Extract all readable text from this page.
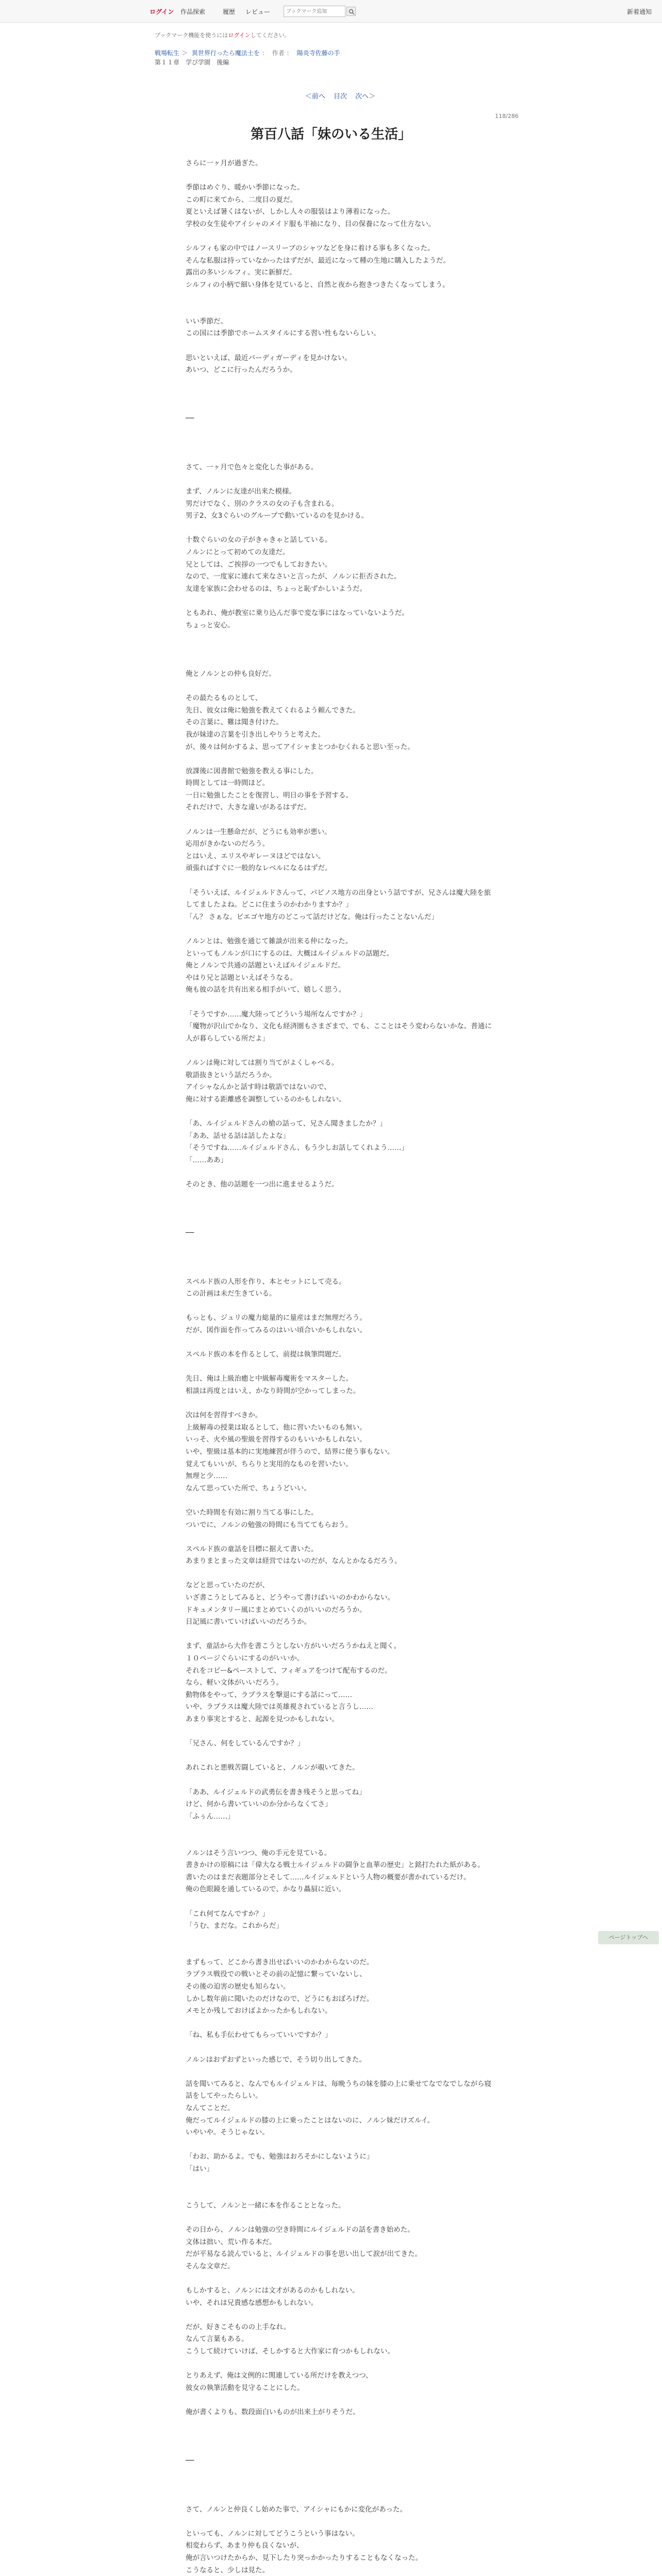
ログイン 作品探索	履歴 レビュー
ブックマーク追加	新着通知
ブックマーク機能を使うにはログインしてください。
戦場転生 ＞ 異世界行ったら魔法士を ： 作者 ： 陽炎寺佐藤の手
第１１章　学び学園　後編
＜前へ 目次 次へ＞
118/286
第百八話「妹のいる生活」

さらに一ヶ月が過ぎた。

季節はめぐり、暖かい季節になった。

この町に来てから、二度目の夏だ。

夏といえば暑くはないが、しかし人々の服装はより薄着になった。

学校の女生徒やアイシャのメイド服も半袖になり、目の保養になって仕方ない。

シルフィも家の中ではノースリーブのシャツなどを身に着ける事も多くなった。

そんな私服は持っていなかったはずだが、最近になって種の生地に購入したようだ。

露出の多いシルフィ。実に新鮮だ。

シルフィの小柄で細い身体を見ていると、自然と夜から抱きつきたくなってしまう。

いい季節だ。

この国には季節でホームスタイルにする習い性もないらしい。

思いといえば、最近バーディガーディを見かけない。

あいつ、どこに行ったんだろうか。

──

さて、一ヶ月で色々と変化した事がある。

まず、ノルンに友達が出来た模様。

男だけでなく、別のクラスの女の子も含まれる。

男子2、女3ぐらいのグループで動いているのを見かける。

十数ぐらいの女の子がきゃきゃと話している。

ノルンにとって初めての友達だ。

兄としては、ご挨拶の一つでもしておきたい。

なので、一度家に連れて来なさいと言ったが、ノルンに拒否された。

友達を家族に会わせるのは、ちょっと恥ずかしいようだ。

ともあれ、俺が教室に乗り込んだ事で変な事にはなっていないようだ。

ちょっと安心。

俺とノルンとの仲も良好だ。

その最たるものとして、

先日、彼女は俺に勉強を教えてくれるよう頼んできた。

その言葉に、難は聞き付けた。

我が妹達の言葉を引き出しやりうと考えた。

が、後々は何かするよ、思ってアイシャまとつかむくれると思い至った。

放課後に図書館で勉強を教える事にした。

時間としては一時間ほど。

一日に勉強したことを復習し、明日の事を予習する。

それだけで、大きな違いがあるはずだ。

ノルンは一生懸命だが、どうにも効率が悪い。

応用がきかないのだろう。

とはいえ、エリスやギレーヌほどではない。

頑張ればすぐに一般的なレベルになるはずだ。

「そういえば、ルイジェルドさんって、パピノス地方の出身という話ですが、兄さんは魔大陸を旅してましたよね。どこに住まうのかわかりますか？」

「ん？ さぁな。ビエゴヤ地方のどこって話だけどな。俺は行ったことないんだ」

ノルンとは、勉強を通じて雑談が出来る仲になった。

といってもノルンが口にするのは、大概はルイジェルドの話題だ。

俺とノルンで共通の話題といえばルイジェルドだ。

やはり兄と話題といえばそうなる。

俺も彼の話を共有出来る相手がいて、嬉しく思う。

「そうですか……魔大陸ってどういう場所なんですか？」

「魔物が沢山でかなり、文化も経済圏もさまざまで、でも、こことはそう変わらないかな。普通に人が暮らしている所だよ」

ノルンは俺に対しては割り当てがよくしゃべる。

敬語抜きという話だろうか。

アイシャなんかと話す時は敬語ではないので、

俺に対する距離感を調整しているのかもしれない。

「あ、ルイジェルドさんの槍の話って、兄さん聞きましたか？」

「ああ、話せる話は話したよな」

「そうですね……ルイジェルドさん、もう少しお話してくれよう……」

「……ああ」

そのとき、他の話題を一つ出に進ませるようだ。

──

スペルド族の人形を作り、本とセットにして売る。

この計画は未だ生きている。

もっとも、ジュリの魔力総量的に量産はまだ無理だろう。

だが、図作面を作ってみるのはいい頃合いかもしれない。

スペルド族の本を作るとして、前提は執筆問題だ。

先日、俺は上級治癒と中級解毒魔術をマスターした。

相談は再度とはいえ、かなり時間が空かってしまった。

次は何を習得すべきか。

上級解毒の授業は取るとして、他に習いたいものも無い。

いっそ、火や風の聖級を習得するのもいいかもしれない。

いや、聖級は基本的に実地練習が伴うので、結界に使う事もない。

覚えてもいいが、ちらりと実用的なものを習いたい。

無理と少……

なんて思っていた所で、ちょうどいい。

空いた時間を有効に割り当てる事にした。

ついでに、ノルンの勉強の時間にも当ててもらおう。

スペルド族の童話を目標に据えて書いた。

あまりまとまった文章は経営ではないのだが、なんとかなるだろう。

などと思っていたのだが、

いざ書こうとしてみると、どうやって書けばいいのかわからない。

ドキュメンタリー風にまとめていくのがいいのだろうか。

日記風に書いていけばいいのだろうか。

まず、童話から大作を書こうとしない方がいいだろうかねえと聞く。

１０ページぐらいにするのがいいか。

それをコピー&ペーストして、フィギュアをつけて配布するのだ。

なら、軽い文体がいいだろう。

動物体をやって、ラプラスを撃退にする話にって……

いや、ラプラスは魔大陸では英雄視されていると言うし……

あまり事実とすると、起源を見つかもしれない。

「兄さん、何をしているんですか？」

あれこれと悪戦苦闘していると、ノルンが覗いてきた。

「ああ、ルイジェルドの武勇伝を書き残そうと思ってね」

けど、何から書いていいのか分からなくてさ」

「ふぅん……」

ノルンはそう言いつつ、俺の手元を見ている。

書きかけの原稿には「偉大なる戦士ルイジェルドの闘争と血華の歴史」と銘打たれた紙がある。

書いたのはまだ表題部分とそして……ルイジェルドという人物の概要が書かれているだけ。

俺の色眼鏡を通しているので、かなり贔屓に近い。

「これ何てなんですか？」

「うむ、まだな。これからだ」

まずもって、どこから書き出せばいいのかわからないのだ。

ラプラス戦役での戦いとその前の記憶に繋っていないし、

その後の迫害の歴史も知らない。

しかし数年前に聞いたのだけなので、どうにもおぼろげだ。

メモとか残しておけばよかったかもしれない。

「ね、私も手伝わせてもらっていいですか？」

ノルンはおずおずといった感じで、そう切り出してきた。

話を聞いてみると、なんでもルイジェルドは、毎晩うちの妹を膝の上に乗せてなでなでしながら寝話をしてやったらしい。

なんてことだ。

俺だってルイジェルドの膝の上に乗ったことはないのに、ノルン妹だけズルイ。

いやいや。そうじゃない。

「わお、助かるよ。でも、勉強はおろそかにしないように」

「はい」

こうして、ノルンと一緒に本を作ることとなった。

その日から、ノルンは勉強の空き時間にルイジェルドの話を書き始めた。

文体は拙い、荒い作る本だ。

だが平易なる読んでいると、ルイジェルドの事を思い出して涙が出てきた。

そんな文章だ。

もしかすると、ノルンには文才があるのかもしれない。

いや、それは兄貴感な感想かもしれない。

だが、好きこそものの上手なれ。

なんて言葉もある。

こうして続けていけば、そしかすると大作家に育つかもしれない。

とりあえず、俺は文例的に関連している所だけを教えつつ、

彼女の執筆活動を見守ることにした。

俺が書くよりも、数段面白いものが出来上がりそうだ。

──

さて、ノルンと仲良くし始めた事で、アイシャにもかに変化があった。

といっても、ノルンに対してどうこうという事はない。

相変わらず、あまり仲も良くないが、

俺が言いつけたからか、見下したり突っかかったりすることもなくなった。

こうなると、少しは見た。

ページトップへ
